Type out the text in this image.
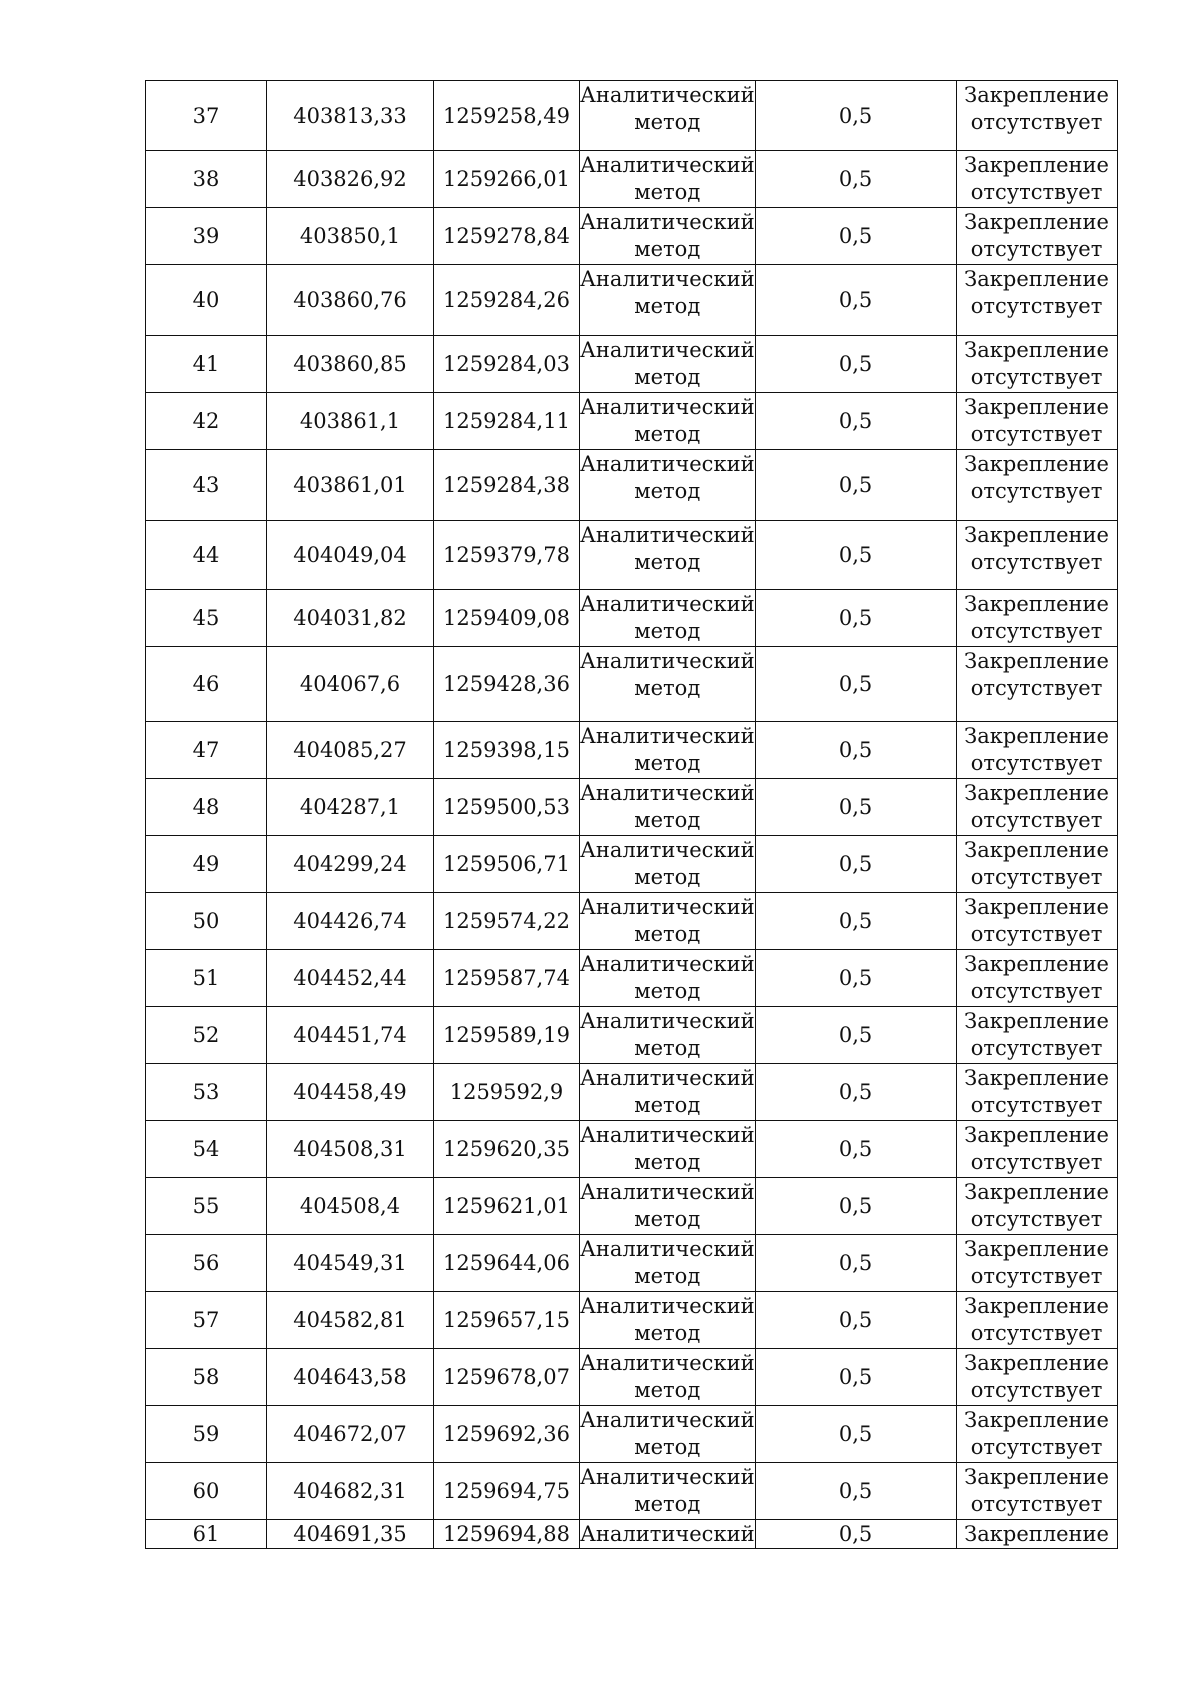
37	403813,33	1259258,49	Аналитический метод	0,5	Закрепление отсутствует
38	403826,92	1259266,01	Аналитический метод	0,5	Закрепление отсутствует
39	403850,1	1259278,84	Аналитический метод	0,5	Закрепление отсутствует
40	403860,76	1259284,26	Аналитический метод	0,5	Закрепление отсутствует
41	403860,85	1259284,03	Аналитический метод	0,5	Закрепление отсутствует
42	403861,1	1259284,11	Аналитический метод	0,5	Закрепление отсутствует
43	403861,01	1259284,38	Аналитический метод	0,5	Закрепление отсутствует
44	404049,04	1259379,78	Аналитический метод	0,5	Закрепление отсутствует
45	404031,82	1259409,08	Аналитический метод	0,5	Закрепление отсутствует
46	404067,6	1259428,36	Аналитический метод	0,5	Закрепление отсутствует
47	404085,27	1259398,15	Аналитический метод	0,5	Закрепление отсутствует
48	404287,1	1259500,53	Аналитический метод	0,5	Закрепление отсутствует
49	404299,24	1259506,71	Аналитический метод	0,5	Закрепление отсутствует
50	404426,74	1259574,22	Аналитический метод	0,5	Закрепление отсутствует
51	404452,44	1259587,74	Аналитический метод	0,5	Закрепление отсутствует
52	404451,74	1259589,19	Аналитический метод	0,5	Закрепление отсутствует
53	404458,49	1259592,9	Аналитический метод	0,5	Закрепление отсутствует
54	404508,31	1259620,35	Аналитический метод	0,5	Закрепление отсутствует
55	404508,4	1259621,01	Аналитический метод	0,5	Закрепление отсутствует
56	404549,31	1259644,06	Аналитический метод	0,5	Закрепление отсутствует
57	404582,81	1259657,15	Аналитический метод	0,5	Закрепление отсутствует
58	404643,58	1259678,07	Аналитический метод	0,5	Закрепление отсутствует
59	404672,07	1259692,36	Аналитический метод	0,5	Закрепление отсутствует
60	404682,31	1259694,75	Аналитический метод	0,5	Закрепление отсутствует
61	404691,35	1259694,88	Аналитический	0,5	Закрепление
